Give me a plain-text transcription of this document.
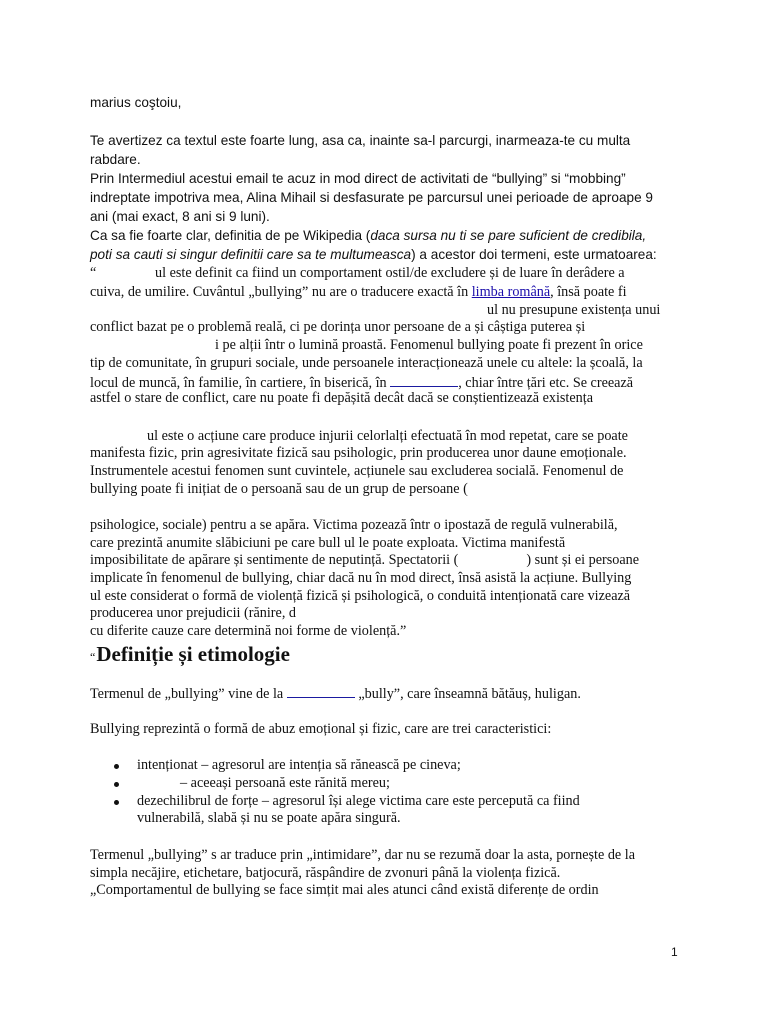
marius coştoiu,
Te avertizez ca textul este foarte lung, asa ca, inainte sa-l parcurgi, inarmeaza-te cu multa
rabdare.
Prin Intermediul acestui email te acuz in mod direct de activitati de “bullying” si “mobbing”
indreptate impotriva mea, Alina Mihail si desfasurate pe parcursul unei perioade de aproape 9
ani (mai exact, 8 ani si 9 luni).
Ca sa fie foarte clar, definitia de pe Wikipedia (daca sursa nu ti se pare suficient de credibila,
poti sa cauti si singur definitii care sa te multumeasca) a acestor doi termeni, este urmatoarea:
“	ul este definit ca fiind un comportament ostil/de excludere și de luare în derâdere a
cuiva, de umilire. Cuvântul „bullying” nu are o traducere exactă în limba română, însă poate fi
ul nu presupune existența unui
conflict bazat pe o problemă reală, ci pe dorința unor persoane de a și câștiga puterea și
i pe alții într o lumină proastă. Fenomenul bullying poate fi prezent în orice
tip de comunitate, în grupuri sociale, unde persoanele interacționează unele cu altele: la școală, la
locul de muncă, în familie, în cartiere, în biserică, în	, chiar între țări etc. Se creează
astfel o stare de conflict, care nu poate fi depășită decât dacă se conștientizează existența
ul este o acțiune care produce injurii celorlalți efectuată în mod repetat, care se poate
manifesta fizic, prin agresivitate fizică sau psihologic, prin producerea unor daune emoționale.
Instrumentele acestui fenomen sunt cuvintele, acțiunele sau excluderea socială. Fenomenul de
bullying poate fi inițiat de o persoană sau de un grup de persoane (
psihologice, sociale) pentru a se apăra. Victima pozează într o ipostază de regulă vulnerabilă,
care prezintă anumite slăbiciuni pe care bull ul le poate exploata. Victima manifestă
imposibilitate de apărare și sentimente de neputință. Spectatorii (	) sunt și ei persoane
implicate în fenomenul de bullying, chiar dacă nu în mod direct, însă asistă la acțiune. Bullying
ul este considerat o formă de violență fizică și psihologică, o conduită intenționată care vizează
producerea unor prejudicii (rănire, d
cu diferite cauze care determină noi forme de violență.”
“Definiție și etimologie
Termenul de „bullying” vine de la	„bully”, care înseamnă bătăuș, huligan.
Bullying reprezintă o formă de abuz emoțional și fizic, care are trei caracteristici:
intenționat – agresorul are intenția să rănească pe cineva;
– aceeași persoană este rănită mereu;
dezechilibrul de forțe – agresorul își alege victima care este percepută ca fiind
vulnerabilă, slabă și nu se poate apăra singură.
Termenul „bullying” s ar traduce prin „intimidare”, dar nu se rezumă doar la asta, pornește de la
simpla necăjire, etichetare, batjocură, răspândire de zvonuri până la violența fizică.
„Comportamentul de bullying se face simțit mai ales atunci când există diferențe de ordin
1
